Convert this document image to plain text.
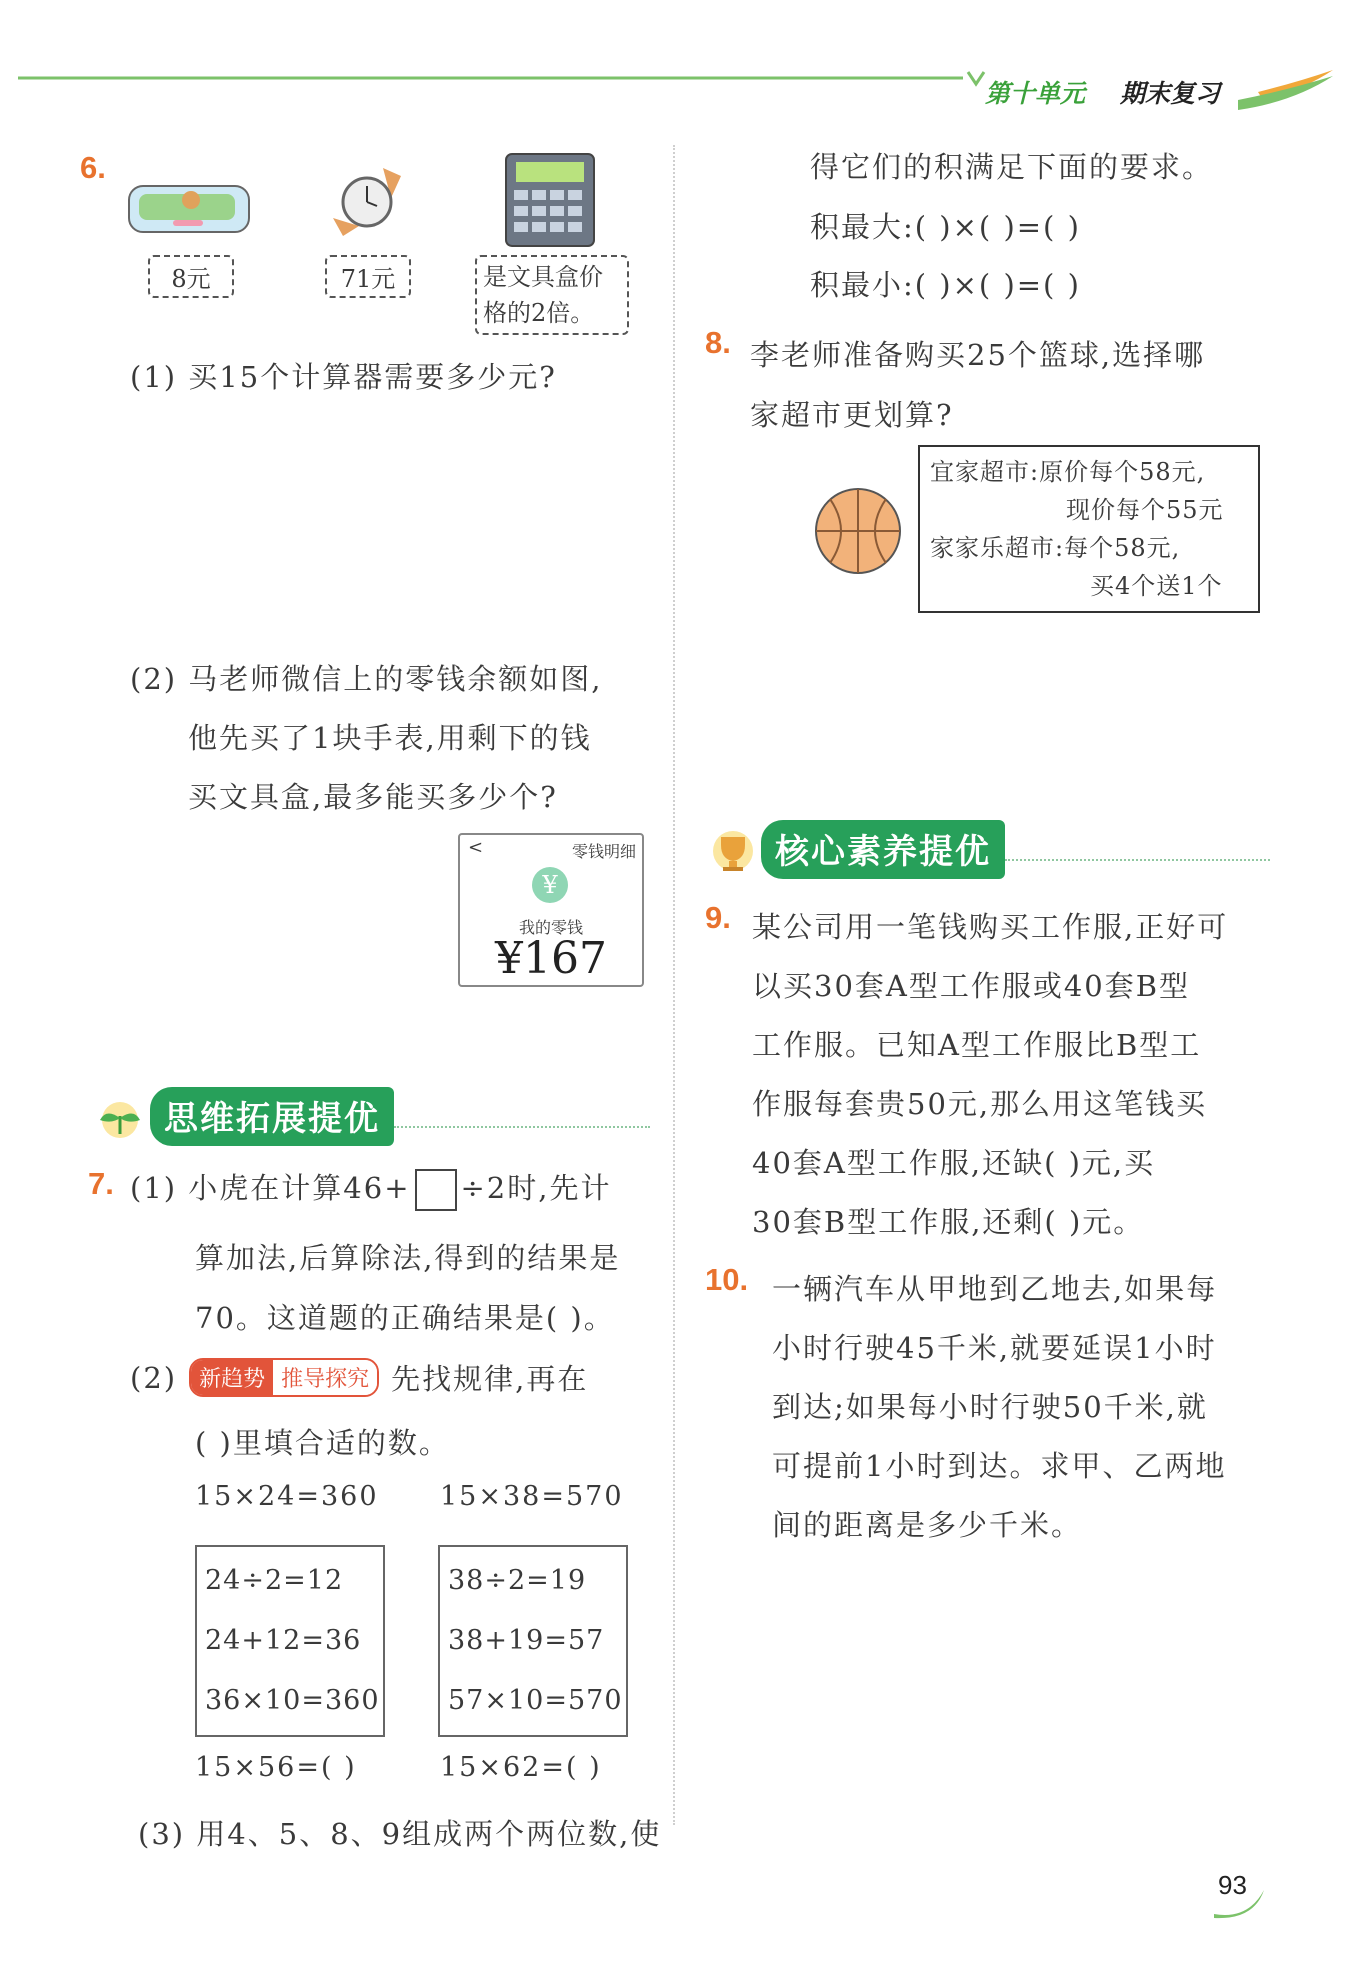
第十单元 期末复习
6.
8元	71元	是文具盒价
格的2倍。
(1) 买15个计算器需要多少元?
(2) 马老师微信上的零钱余额如图,
他先买了1块手表,用剩下的钱
买文具盒,最多能买多少个?
<	零钱明细
¥
我的零钱
¥167
思维拓展提优
7. (1) 小虎在计算46+ ÷2时,先计
算加法,后算除法,得到的结果是
70。这道题的正确结果是( )。
(2)	新趋势 推导探究 先找规律,再在
( )里填合适的数。
15×24=360 15×38=570
24÷2=12
24+12=36
36×10=360
38÷2=19
38+19=57
57×10=570
15×56=( )	15×62=( )
(3) 用4、5、8、9组成两个两位数,使
得它们的积满足下面的要求。
积最大:( )×( )=( )
积最小:( )×( )=( )
8. 李老师准备购买25个篮球,选择哪
家超市更划算?
宜家超市:原价每个58元,
现价每个55元
家家乐超市:每个58元,
买4个送1个
核心素养提优
9. 某公司用一笔钱购买工作服,正好可
以买30套A型工作服或40套B型
工作服。已知A型工作服比B型工
作服每套贵50元,那么用这笔钱买
40套A型工作服,还缺( )元,买
30套B型工作服,还剩( )元。
10. 一辆汽车从甲地到乙地去,如果每
小时行驶45千米,就要延误1小时
到达;如果每小时行驶50千米,就
可提前1小时到达。求甲、乙两地
间的距离是多少千米。
93
